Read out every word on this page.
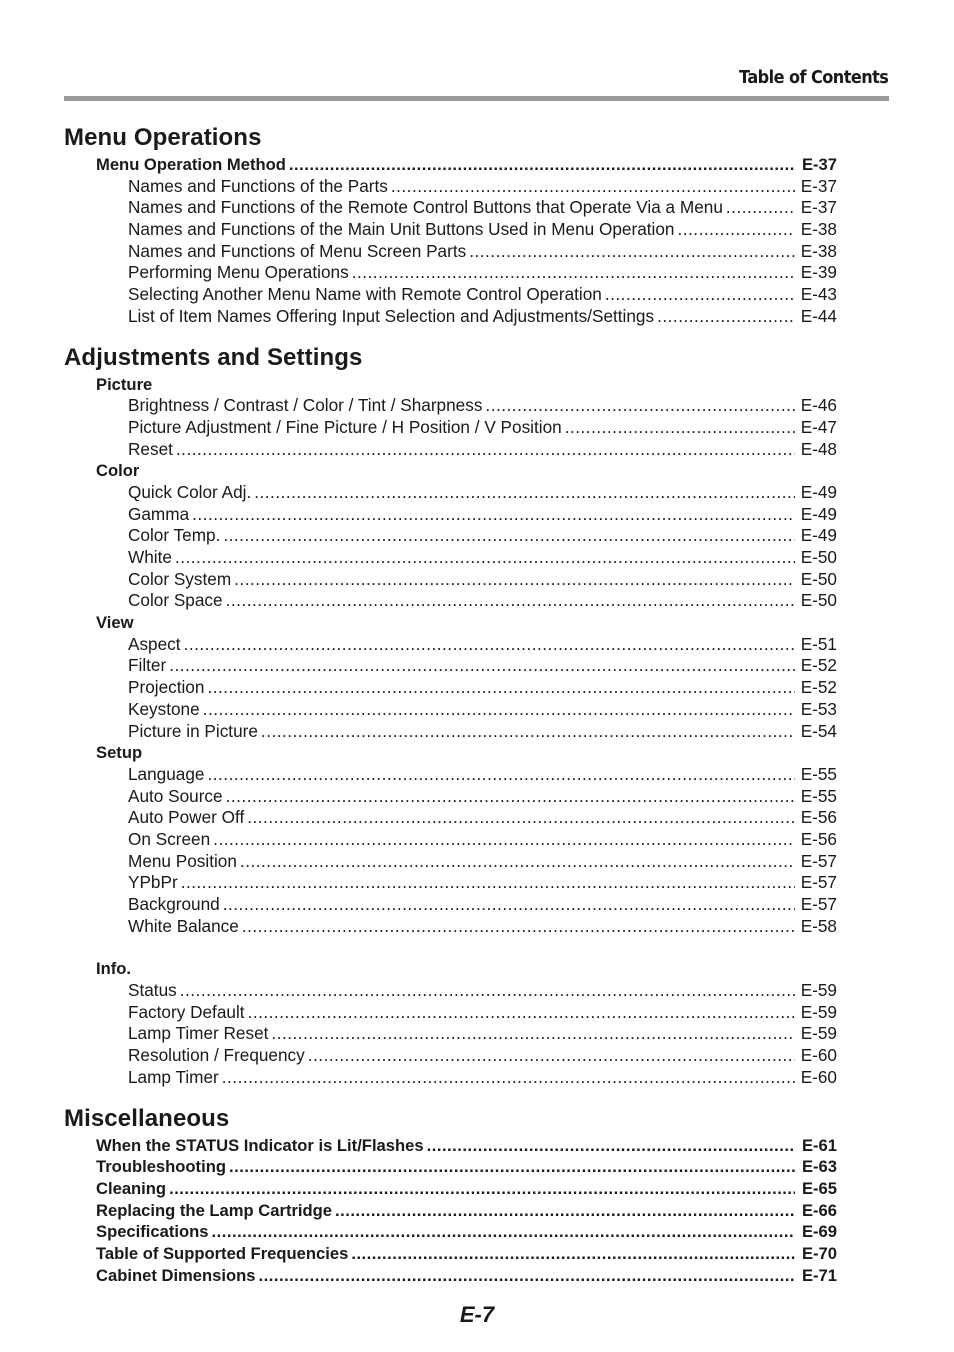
Table of Contents
Menu Operations
Menu Operation Method .....	E-37
Names and Functions of the Parts .....	E-37
Names and Functions of the Remote Control Buttons that Operate Via a Menu .....	E-37
Names and Functions of the Main Unit Buttons Used in Menu Operation .....	E-38
Names and Functions of Menu Screen Parts .....	E-38
Performing Menu Operations .....	E-39
Selecting Another Menu Name with Remote Control Operation .....	E-43
List of Item Names Offering Input Selection and Adjustments/Settings .....	E-44
Adjustments and Settings
Picture
Brightness / Contrast / Color / Tint / Sharpness .....	E-46
Picture Adjustment / Fine Picture / H Position / V Position .....	E-47
Reset .....	E-48
Color
Quick Color Adj. .....	E-49
Gamma .....	E-49
Color Temp. .....	E-49
White .....	E-50
Color System .....	E-50
Color Space .....	E-50
View
Aspect .....	E-51
Filter .....	E-52
Projection .....	E-52
Keystone .....	E-53
Picture in Picture .....	E-54
Setup
Language .....	E-55
Auto Source .....	E-55
Auto Power Off .....	E-56
On Screen .....	E-56
Menu Position .....	E-57
YPbPr .....	E-57
Background .....	E-57
White Balance .....	E-58
Info.
Status .....	E-59
Factory Default .....	E-59
Lamp Timer Reset .....	E-59
Resolution / Frequency .....	E-60
Lamp Timer .....	E-60
Miscellaneous
When the STATUS Indicator is Lit/Flashes .....	E-61
Troubleshooting .....	E-63
Cleaning .....	E-65
Replacing the Lamp Cartridge .....	E-66
Specifications .....	E-69
Table of Supported Frequencies .....	E-70
Cabinet Dimensions .....	E-71
E-7
